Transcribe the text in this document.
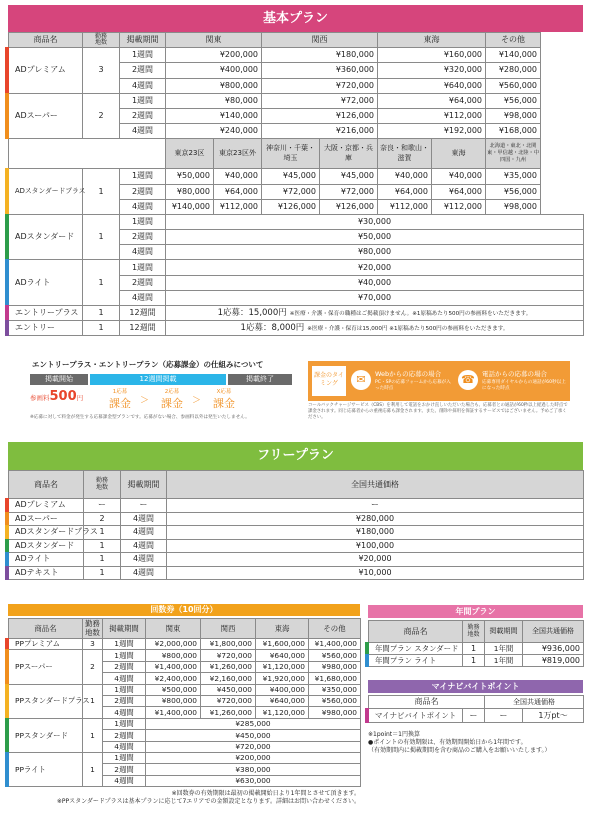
基本プラン
商品名	勤務
地数	掲載期間	関東		関西		東海		その他

ADプレミアム	3	1週間	¥200,000		¥180,000		¥160,000		¥140,000
		2週間	¥400,000		¥360,000		¥320,000		¥280,000
		4週間	¥800,000		¥720,000		¥640,000		¥560,000

ADスーパー	2	1週間	¥80,000		¥72,000		¥64,000		¥56,000
		2週間	¥140,000		¥126,000		¥112,000		¥98,000
		4週間	¥240,000		¥216,000		¥192,000		¥168,000
			東京23区	東京23区外	神奈川・千葉・埼玉	大阪・京都・兵庫	奈良・和歌山・滋賀	東海	北海道・東北・北関東・甲信越・北陸・中四国・九州

ADスタンダードプラス	1	1週間	¥50,000	¥40,000	¥45,000	¥45,000	¥40,000	¥40,000	¥35,000
		2週間	¥80,000	¥64,000	¥72,000	¥72,000	¥64,000	¥64,000	¥56,000
		4週間	¥140,000	¥112,000	¥126,000	¥126,000	¥112,000	¥112,000	¥98,000

ADスタンダード	1	1週間	¥30,000						
		2週間	¥50,000						
		4週間	¥80,000						

ADライト	1	1週間	¥20,000						
		2週間	¥40,000						
		4週間	¥70,000						

エントリープラス	1	12週間	1応募：15,000円 ※医療・介護・保育の職種はご掲載頂けません。※1原稿あたり500円の参画料をいただきます。						

エントリー	1	12週間	1応募：8,000円 ※医療・介護・保育は15,000円 ※1原稿あたり500円の参画料をいただきます。						
エントリープラス・エントリープラン（応募課金）の仕組みについて
掲載開始	12週間掲載	掲載終了
参画料500円
1応募
課金	＞
2応募
課金	＞
X応募
課金
※応募に対して料金が発生する応募課金型プランです。応募がない場合、参画料以外は発生いたしません。
課金のタイミング	✉	Webからの応募の場合
PC・SPの応募フォームから応募が入った時点
☎	電話からの応募の場合
応募専用ダイヤルからの通話が60秒以上になった時点
コールバックチャージサービス（CBS）を利用して電話をおかけ直しいただいた場合も、応募者との通話が60秒以上経過した時点で課金されます。同じ応募者からの重複応募も課金されます。また、削除や採用を保証するサービスではございません。予めご了承ください。
フリープラン
商品名	勤務
地数	掲載期間	全国共通価格

ADプレミアム	ー	ー	ー

ADスーパー	2	4週間	¥280,000

ADスタンダードプラス	1	4週間	¥180,000

ADスタンダード	1	4週間	¥100,000

ADライト	1	4週間	¥20,000

ADテキスト	1	4週間	¥10,000
回数券（10回分）
商品名	勤務
地数	掲載期間	関東	関西	東海	その他

PPプレミアム	3	1週間	¥2,000,000	¥1,800,000	¥1,600,000	¥1,400,000

PPスーパー	2	1週間	¥800,000	¥720,000	¥640,000	¥560,000
		2週間	¥1,400,000	¥1,260,000	¥1,120,000	¥980,000
		4週間	¥2,400,000	¥2,160,000	¥1,920,000	¥1,680,000

PPスタンダードプラス	1	1週間	¥500,000	¥450,000	¥400,000	¥350,000
		2週間	¥800,000	¥720,000	¥640,000	¥560,000
		4週間	¥1,400,000	¥1,260,000	¥1,120,000	¥980,000

PPスタンダード	1	1週間	¥285,000			
		2週間	¥450,000			
		4週間	¥720,000			

PPライト	1	1週間	¥200,000			
		2週間	¥380,000			
		4週間	¥630,000			
※回数券の有効期限は最初の掲載開始日より1年間とさせて頂きます。
※PPスタンダードプラスは基本プランに応じて7エリアでの金額設定となります。詳細はお問い合わせください。
年間プラン
商品名	勤務
地数	掲載期間	全国共通価格

年間プラン スタンダード	1	1年間	¥936,000

年間プラン ライト	1	1年間	¥819,000
マイナビバイトポイント
商品名		全国共通価格	

マイナビバイトポイント	ー	ー	1万pt～
※1point＝1円換算
●ポイントの有効期限は、有効期間開始日から1年間です。
（有効期間内に掲載期間を含む商品のご購入をお願いいたします。）
